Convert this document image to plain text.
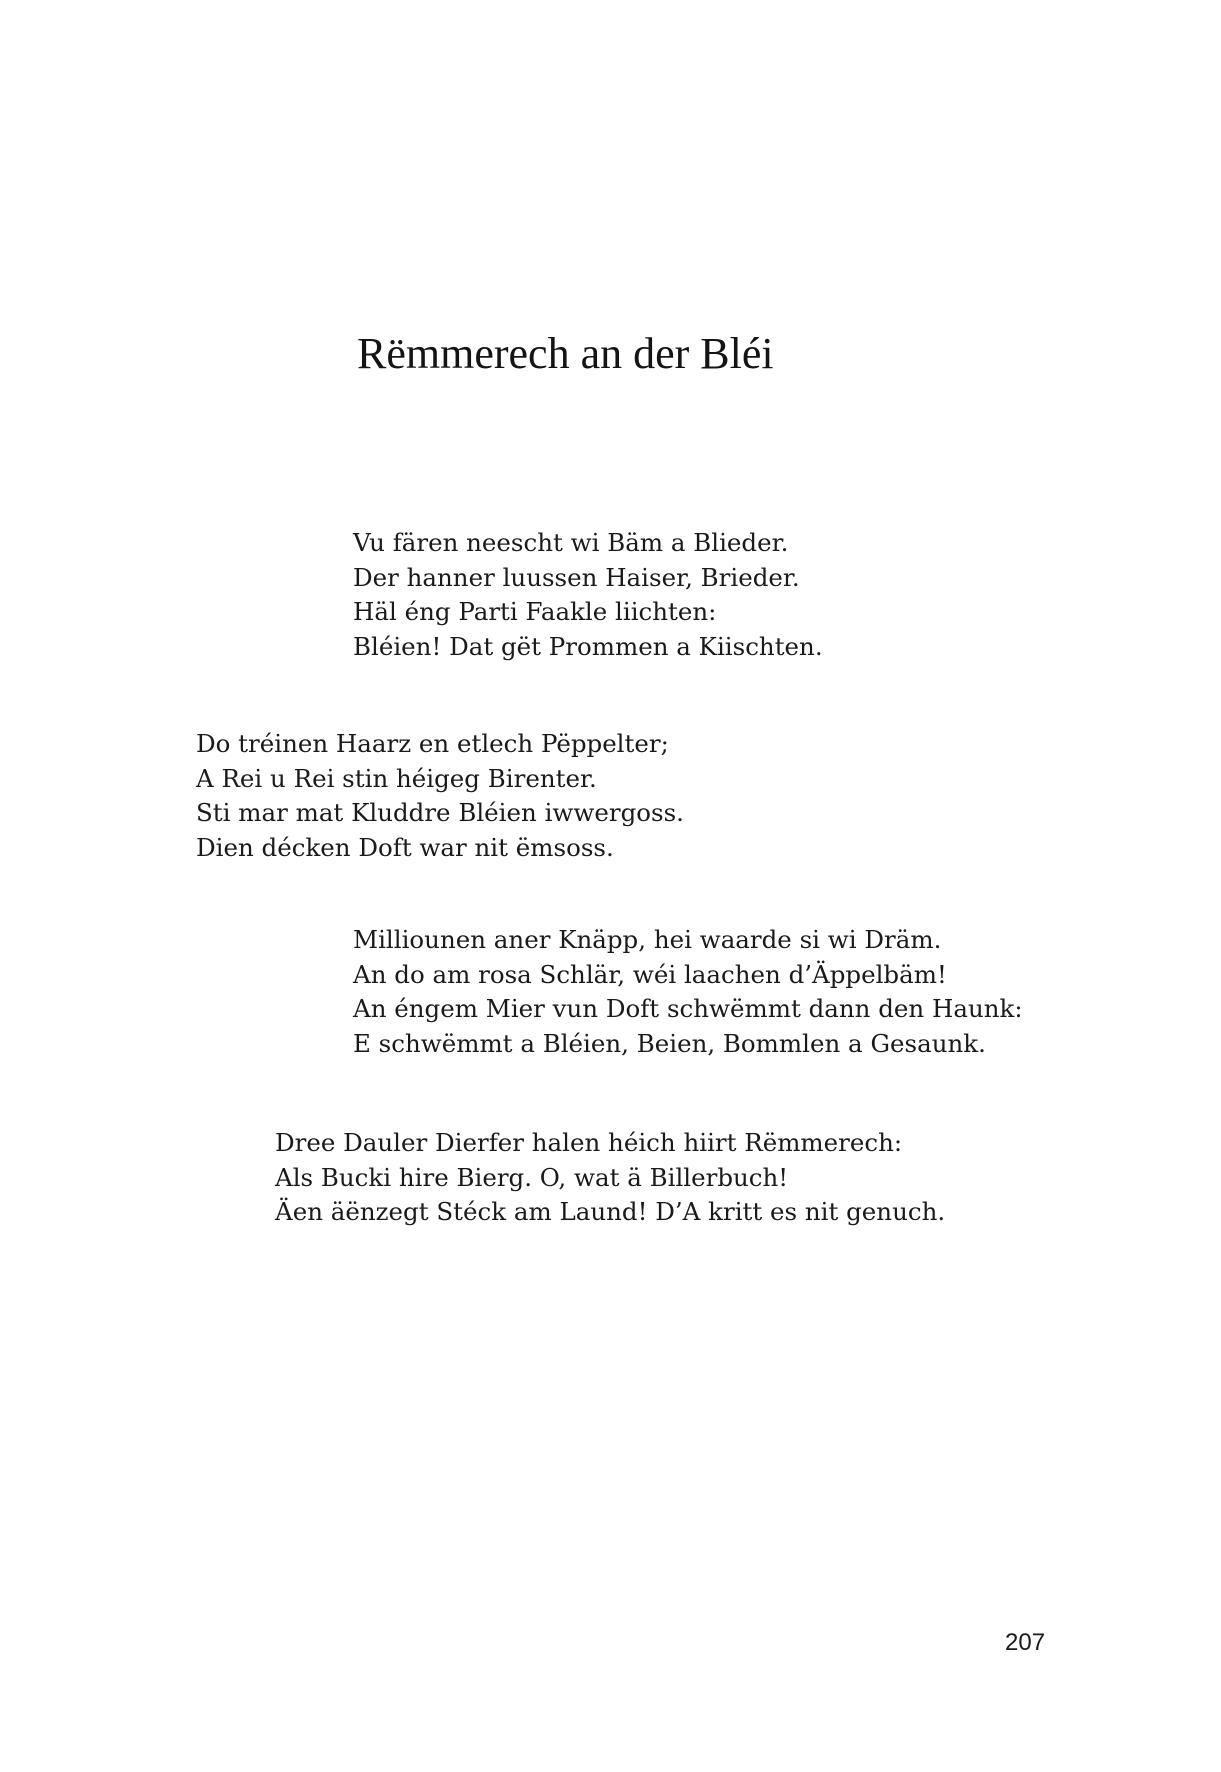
Rëmmerech an der Bléi

Vu fären neescht wi Bäm a Blieder.
Der hanner luussen Haiser, Brieder.
Häl éng Parti Faakle liichten:
Bléien! Dat gët Prommen a Kiischten.

Do tréinen Haarz en etlech Pëppelter;
A Rei u Rei stin héigeg Birenter.
Sti mar mat Kluddre Bléien iwwergoss.
Dien décken Doft war nit ëmsoss.

Milliounen aner Knäpp, hei waarde si wi Dräm.
An do am rosa Schlär, wéi laachen d’Äppelbäm!
An éngem Mier vun Doft schwëmmt dann den Haunk:
E schwëmmt a Bléien, Beien, Bommlen a Gesaunk.

Dree Dauler Dierfer halen héich hiirt Rëmmerech:
Als Bucki hire Bierg. O, wat ä Billerbuch!
Äen äënzegt Stéck am Laund! D’A kritt es nit genuch.

207
